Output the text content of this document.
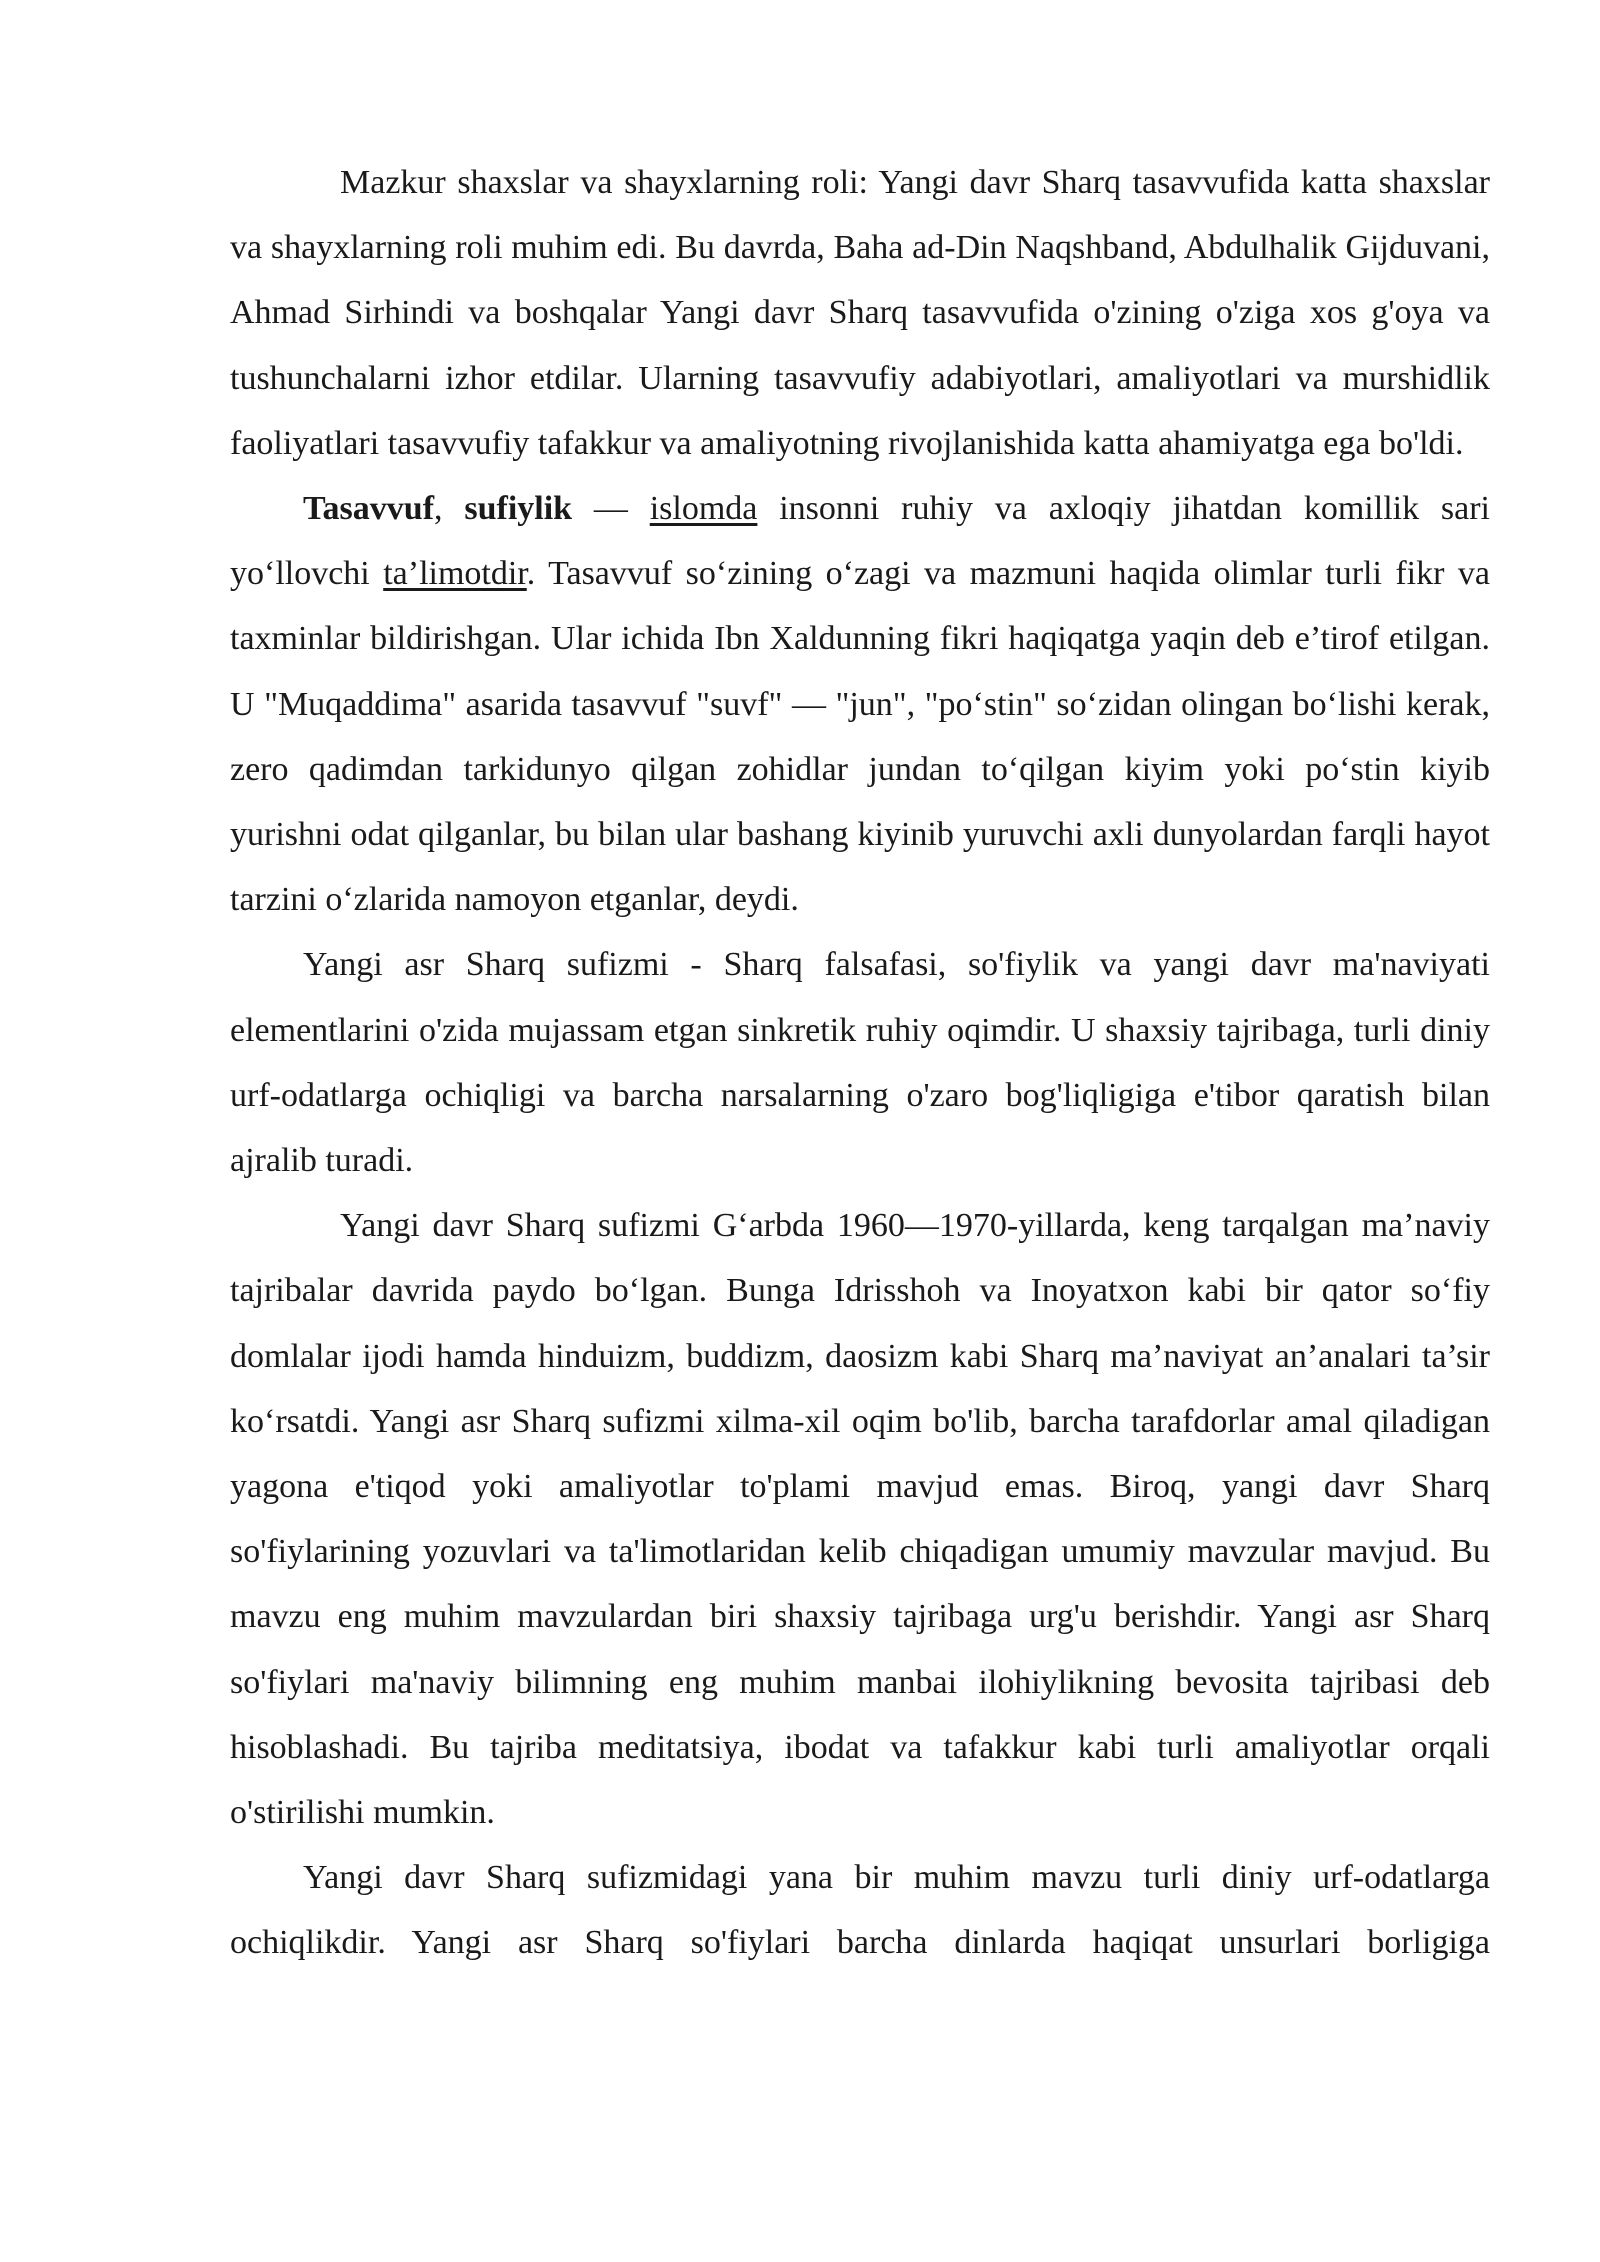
Mazkur shaxslar va shayxlarning roli: Yangi davr Sharq tasavvufida katta shaxslar va shayxlarning roli muhim edi. Bu davrda, Baha ad-Din Naqshband, Abdulhalik Gijduvani, Ahmad Sirhindi va boshqalar Yangi davr Sharq tasavvufida o'zining o'ziga xos g'oya va tushunchalarni izhor etdilar. Ularning tasavvufiy adabiyotlari, amaliyotlari va murshidlik faoliyatlari tasavvufiy tafakkur va amaliyotning rivojlanishida katta ahamiyatga ega bo'ldi.

Tasavvuf, sufiylik — islomda insonni ruhiy va axloqiy jihatdan komillik sari yo‘llovchi ta’limotdir. Tasavvuf so‘zining o‘zagi va mazmuni haqida olimlar turli fikr va taxminlar bildirishgan. Ular ichida Ibn Xaldunning fikri haqiqatga yaqin deb e’tirof etilgan. U "Muqaddima" asarida tasavvuf "suvf" — "jun", "po‘stin" so‘zidan olingan bo‘lishi kerak, zero qadimdan tarkidunyo qilgan zohidlar jundan to‘qilgan kiyim yoki po‘stin kiyib yurishni odat qilganlar, bu bilan ular bashang kiyinib yuruvchi axli dunyolardan farqli hayot tarzini o‘zlarida namoyon etganlar, deydi.

Yangi asr Sharq sufizmi - Sharq falsafasi, so'fiylik va yangi davr ma'naviyati elementlarini o'zida mujassam etgan sinkretik ruhiy oqimdir. U shaxsiy tajribaga, turli diniy urf-odatlarga ochiqligi va barcha narsalarning o'zaro bog'liqligiga e'tibor qaratish bilan ajralib turadi.

Yangi davr Sharq sufizmi G‘arbda 1960—1970-yillarda, keng tarqalgan ma’naviy tajribalar davrida paydo bo‘lgan. Bunga Idrisshoh va Inoyatxon kabi bir qator so‘fiy domlalar ijodi hamda hinduizm, buddizm, daosizm kabi Sharq ma’naviyat an’analari ta’sir ko‘rsatdi. Yangi asr Sharq sufizmi xilma-xil oqim bo'lib, barcha tarafdorlar amal qiladigan yagona e'tiqod yoki amaliyotlar to'plami mavjud emas. Biroq, yangi davr Sharq so'fiylarining yozuvlari va ta'limotlaridan kelib chiqadigan umumiy mavzular mavjud. Bu mavzu eng muhim mavzulardan biri shaxsiy tajribaga urg'u berishdir. Yangi asr Sharq so'fiylari ma'naviy bilimning eng muhim manbai ilohiylikning bevosita tajribasi deb hisoblashadi. Bu tajriba meditatsiya, ibodat va tafakkur kabi turli amaliyotlar orqali o'stirilishi mumkin.

Yangi davr Sharq sufizmidagi yana bir muhim mavzu turli diniy urf-odatlarga ochiqlikdir. Yangi asr Sharq so'fiylari barcha dinlarda haqiqat unsurlari borligiga
